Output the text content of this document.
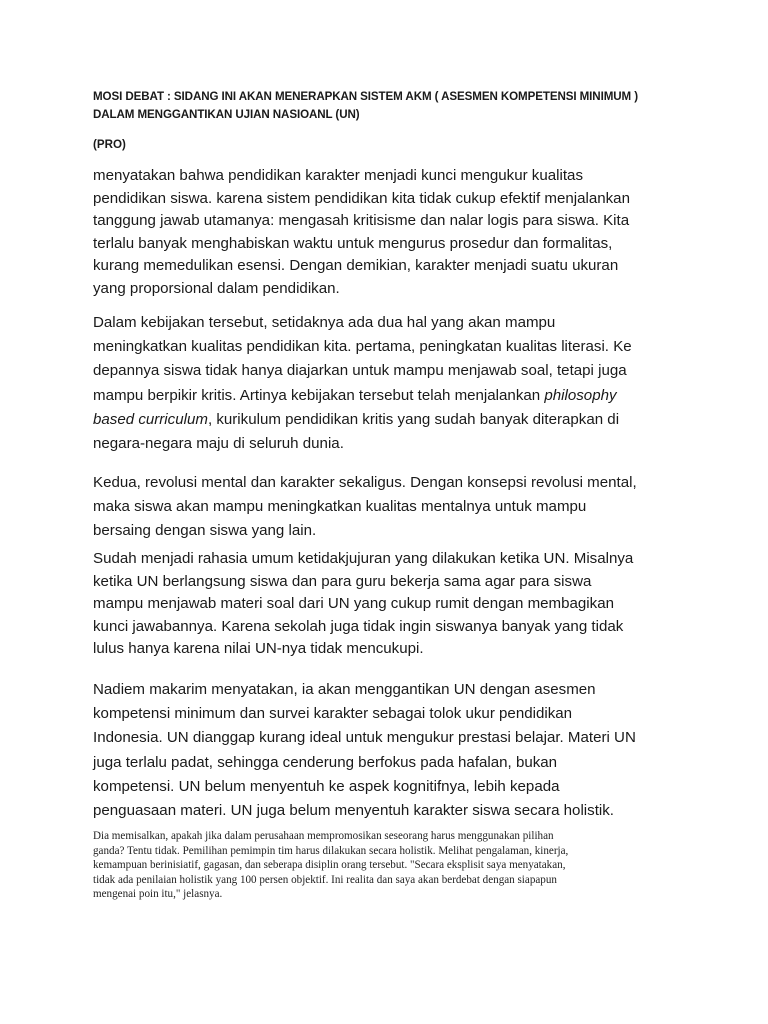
MOSI DEBAT : SIDANG INI AKAN MENERAPKAN SISTEM AKM ( ASESMEN KOMPETENSI MINIMUM )
DALAM MENGGANTIKAN UJIAN NASIOANL (UN)

(PRO)

menyatakan bahwa pendidikan karakter menjadi kunci mengukur kualitas
pendidikan siswa. karena sistem pendidikan kita tidak cukup efektif menjalankan
tanggung jawab utamanya: mengasah kritisisme dan nalar logis para siswa. Kita
terlalu banyak menghabiskan waktu untuk mengurus prosedur dan formalitas,
kurang memedulikan esensi. Dengan demikian, karakter menjadi suatu ukuran
yang proporsional dalam pendidikan.

Dalam kebijakan tersebut, setidaknya ada dua hal yang akan mampu
meningkatkan kualitas pendidikan kita. pertama, peningkatan kualitas literasi. Ke
depannya siswa tidak hanya diajarkan untuk mampu menjawab soal, tetapi juga
mampu berpikir kritis. Artinya kebijakan tersebut telah menjalankan philosophy
based curriculum, kurikulum pendidikan kritis yang sudah banyak diterapkan di
negara-negara maju di seluruh dunia.

Kedua, revolusi mental dan karakter sekaligus. Dengan konsepsi revolusi mental,
maka siswa akan mampu meningkatkan kualitas mentalnya untuk mampu
bersaing dengan siswa yang lain.

Sudah menjadi rahasia umum ketidakjujuran yang dilakukan ketika UN. Misalnya
ketika UN berlangsung siswa dan para guru bekerja sama agar para siswa
mampu menjawab materi soal dari UN yang cukup rumit dengan membagikan
kunci jawabannya. Karena sekolah juga tidak ingin siswanya banyak yang tidak
lulus hanya karena nilai UN-nya tidak mencukupi.

Nadiem makarim menyatakan, ia akan menggantikan UN dengan asesmen
kompetensi minimum dan survei karakter sebagai tolok ukur pendidikan
Indonesia. UN dianggap kurang ideal untuk mengukur prestasi belajar. Materi UN
juga terlalu padat, sehingga cenderung berfokus pada hafalan, bukan
kompetensi. UN belum menyentuh ke aspek kognitifnya, lebih kepada
penguasaan materi. UN juga belum menyentuh karakter siswa secara holistik.

Dia memisalkan, apakah jika dalam perusahaan mempromosikan seseorang harus menggunakan pilihan
ganda? Tentu tidak. Pemilihan pemimpin tim harus dilakukan secara holistik. Melihat pengalaman, kinerja,
kemampuan berinisiatif, gagasan, dan seberapa disiplin orang tersebut. "Secara eksplisit saya menyatakan,
tidak ada penilaian holistik yang 100 persen objektif. Ini realita dan saya akan berdebat dengan siapapun
mengenai poin itu," jelasnya.
